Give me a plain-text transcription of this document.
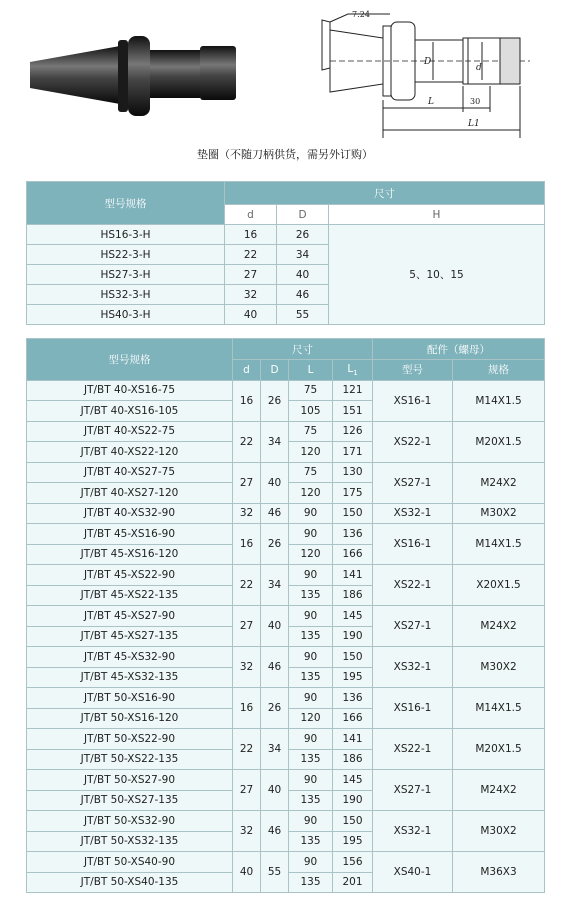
7:24
D
d
L
L1
30
垫圈（不随刀柄供货，需另外订购）
型号规格	尺寸		
	d	D	H
HS16-3-H	16	26	5、10、15
HS22-3-H	22	34	
HS27-3-H	27	40	
HS32-3-H	32	46	
HS40-3-H	40	55	
型号规格	尺寸				配件（螺母）	
	d	D	L	$L_1$	型号	规格
JT/BT 40-XS16-75	16	26	75	121	XS16-1	M14X1.5
JT/BT 40-XS16-105			105	151		
JT/BT 40-XS22-75	22	34	75	126	XS22-1	M20X1.5
JT/BT 40-XS22-120			120	171		
JT/BT 40-XS27-75	27	40	75	130	XS27-1	M24X2
JT/BT 40-XS27-120			120	175		
JT/BT 40-XS32-90	32	46	90	150	XS32-1	M30X2
JT/BT 45-XS16-90	16	26	90	136	XS16-1	M14X1.5
JT/BT 45-XS16-120			120	166		
JT/BT 45-XS22-90	22	34	90	141	XS22-1	X20X1.5
JT/BT 45-XS22-135			135	186		
JT/BT 45-XS27-90	27	40	90	145	XS27-1	M24X2
JT/BT 45-XS27-135			135	190		
JT/BT 45-XS32-90	32	46	90	150	XS32-1	M30X2
JT/BT 45-XS32-135			135	195		
JT/BT 50-XS16-90	16	26	90	136	XS16-1	M14X1.5
JT/BT 50-XS16-120			120	166		
JT/BT 50-XS22-90	22	34	90	141	XS22-1	M20X1.5
JT/BT 50-XS22-135			135	186		
JT/BT 50-XS27-90	27	40	90	145	XS27-1	M24X2
JT/BT 50-XS27-135			135	190		
JT/BT 50-XS32-90	32	46	90	150	XS32-1	M30X2
JT/BT 50-XS32-135			135	195		
JT/BT 50-XS40-90	40	55	90	156	XS40-1	M36X3
JT/BT 50-XS40-135			135	201		
